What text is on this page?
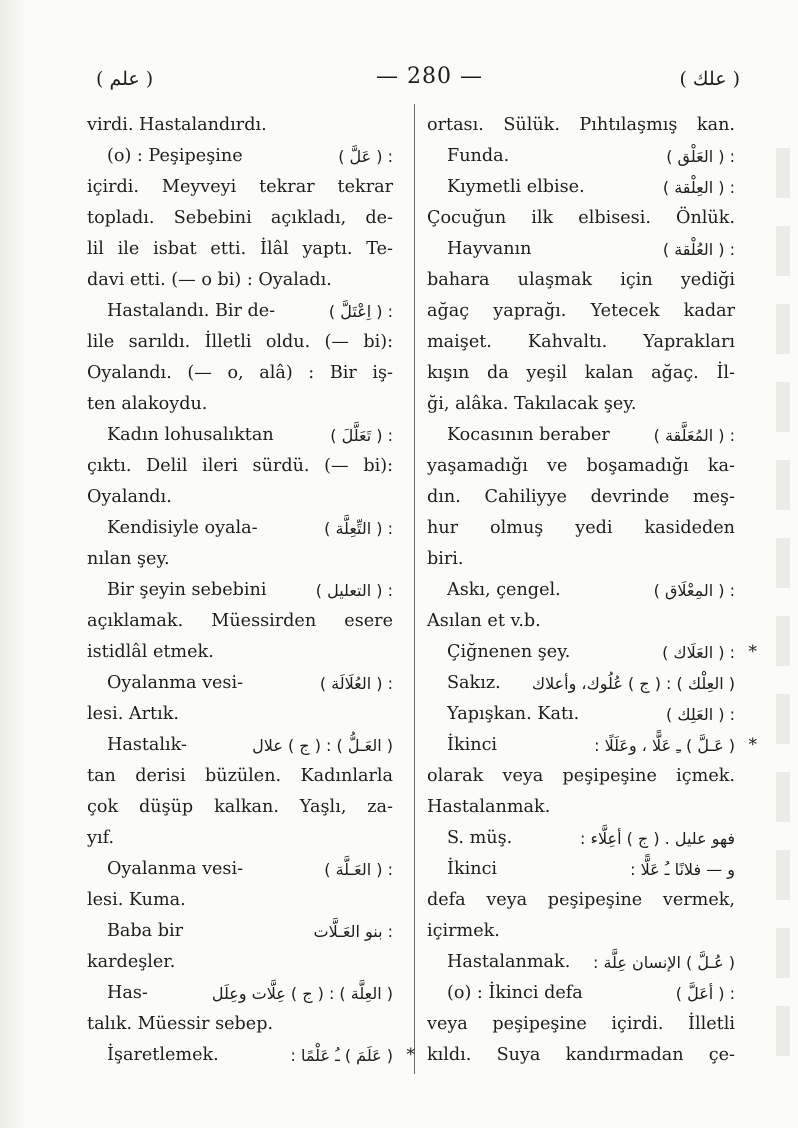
( علم )	— 280 —	( علك )
virdi. Hastalandırdı.
(o) : Peşipeşine	: ( عَلَّ )
içirdi. Meyveyi tekrar tekrar
topladı. Sebebini açıkladı, de-
lil ile isbat etti. İlâl yaptı. Te-
davi etti. (— o bi) : Oyaladı.
Hastalandı. Bir de-	: ( اِعْتَلَّ )
lile sarıldı. İlletli oldu. (— bi):
Oyalandı. (— o, alâ) : Bir iş-
ten alakoydu.
Kadın lohusalıktan	: ( تَعَلَّلَ )
çıktı. Delil ileri sürdü. (— bi):
Oyalandı.
Kendisiyle oyala-	: ( التِّعِلَّة )
nılan şey.
Bir şeyin sebebini	: ( التعليل )
açıklamak. Müessirden esere
istidlâl etmek.
Oyalanma vesi-	: ( العُلَالَة )
lesi. Artık.
Hastalık-	( العَـلُّ ) : ( ج ) علال
tan derisi büzülen. Kadınlarla
çok düşüp kalkan. Yaşlı, za-
yıf.
Oyalanma vesi-	: ( العَـلَّة )
lesi. Kuma.
Baba bir	: بنو العَـلَّات
kardeşler.
Has-	( العِلَّة ) : ( ج ) عِلَّات وعِلَل
talık. Müessir sebep.
İşaretlemek.	( عَلَمَ ) ـُ عَلْمًا : *
ortası. Sülük. Pıhtılaşmış kan.
Funda.	: ( العَلْق )
Kıymetli elbise.	: ( العِلْقة )
Çocuğun ilk elbisesi. Önlük.
Hayvanın	: ( العُلْقة )
bahara ulaşmak için yediği
ağaç yaprağı. Yetecek kadar
maişet. Kahvaltı. Yaprakları
kışın da yeşil kalan ağaç. İl-
ği, alâka. Takılacak şey.
Kocasının beraber	: ( المُعَلَّقة )
yaşamadığı ve boşamadığı ka-
dın. Cahiliyye devrinde meş-
hur olmuş yedi kasideden
biri.
Askı, çengel.	: ( المِعْلَاق )
Asılan et v.b.
Çiğnenen şey.	: ( العَلَاك ) *
Sakız. ( العِلْك ) : ( ج ) عُلُوك، وأعلاك
Yapışkan. Katı.	: ( العَلِك )
İkinci	( عَـلَّ ) ـِ عَلًّا ، وعَلَلًا : *
olarak veya peşipeşine içmek.
Hastalanmak.
S. müş.	فهو عليل . ( ج ) أعِلَّاء :
İkinci	و — فلانًا ـُ عَلًّا :
defa veya peşipeşine vermek,
içirmek.
Hastalanmak. ( عُـلَّ ) الإنسان عِلَّة :
(o) : İkinci defa	: ( أعَلَّ )
veya peşipeşine içirdi. İlletli
kıldı. Suya kandırmadan çe-
